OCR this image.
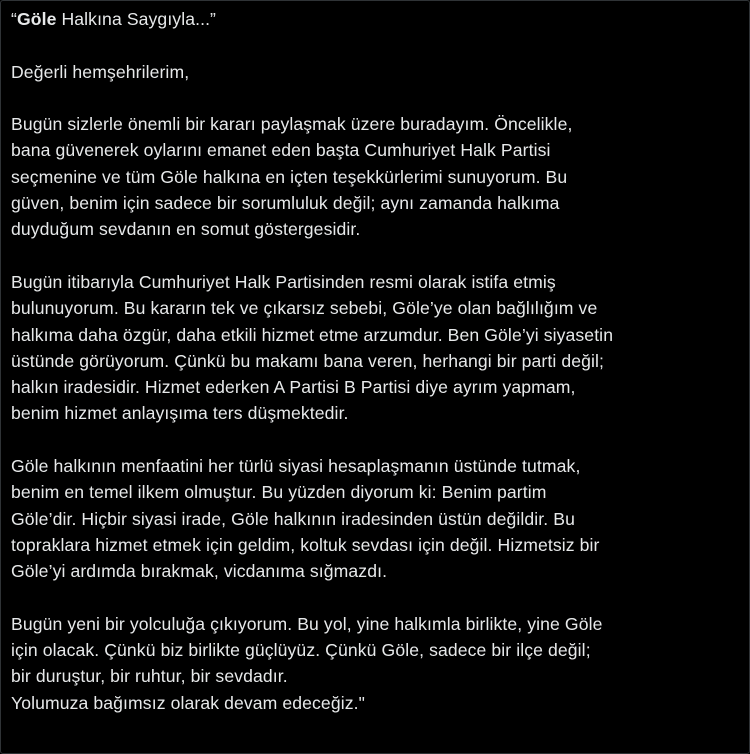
“Göle Halkına Saygıyla...”

Değerli hemşehrilerim,

Bugün sizlerle önemli bir kararı paylaşmak üzere buradayım. Öncelikle,
bana güvenerek oylarını emanet eden başta Cumhuriyet Halk Partisi
seçmenine ve tüm Göle halkına en içten teşekkürlerimi sunuyorum. Bu
güven, benim için sadece bir sorumluluk değil; aynı zamanda halkıma
duyduğum sevdanın en somut göstergesidir.
Bugün itibarıyla Cumhuriyet Halk Partisinden resmi olarak istifa etmiş
bulunuyorum. Bu kararın tek ve çıkarsız sebebi, Göle’ye olan bağlılığım ve
halkıma daha özgür, daha etkili hizmet etme arzumdur. Ben Göle’yi siyasetin
üstünde görüyorum. Çünkü bu makamı bana veren, herhangi bir parti değil;
halkın iradesidir. Hizmet ederken A Partisi B Partisi diye ayrım yapmam,
benim hizmet anlayışıma ters düşmektedir.
Göle halkının menfaatini her türlü siyasi hesaplaşmanın üstünde tutmak,
benim en temel ilkem olmuştur. Bu yüzden diyorum ki: Benim partim
Göle’dir. Hiçbir siyasi irade, Göle halkının iradesinden üstün değildir. Bu
topraklara hizmet etmek için geldim, koltuk sevdası için değil. Hizmetsiz bir
Göle’yi ardımda bırakmak, vicdanıma sığmazdı.
Bugün yeni bir yolculuğa çıkıyorum. Bu yol, yine halkımla birlikte, yine Göle
için olacak. Çünkü biz birlikte güçlüyüz. Çünkü Göle, sadece bir ilçe değil;
bir duruştur, bir ruhtur, bir sevdadır.
Yolumuza bağımsız olarak devam edeceğiz."
